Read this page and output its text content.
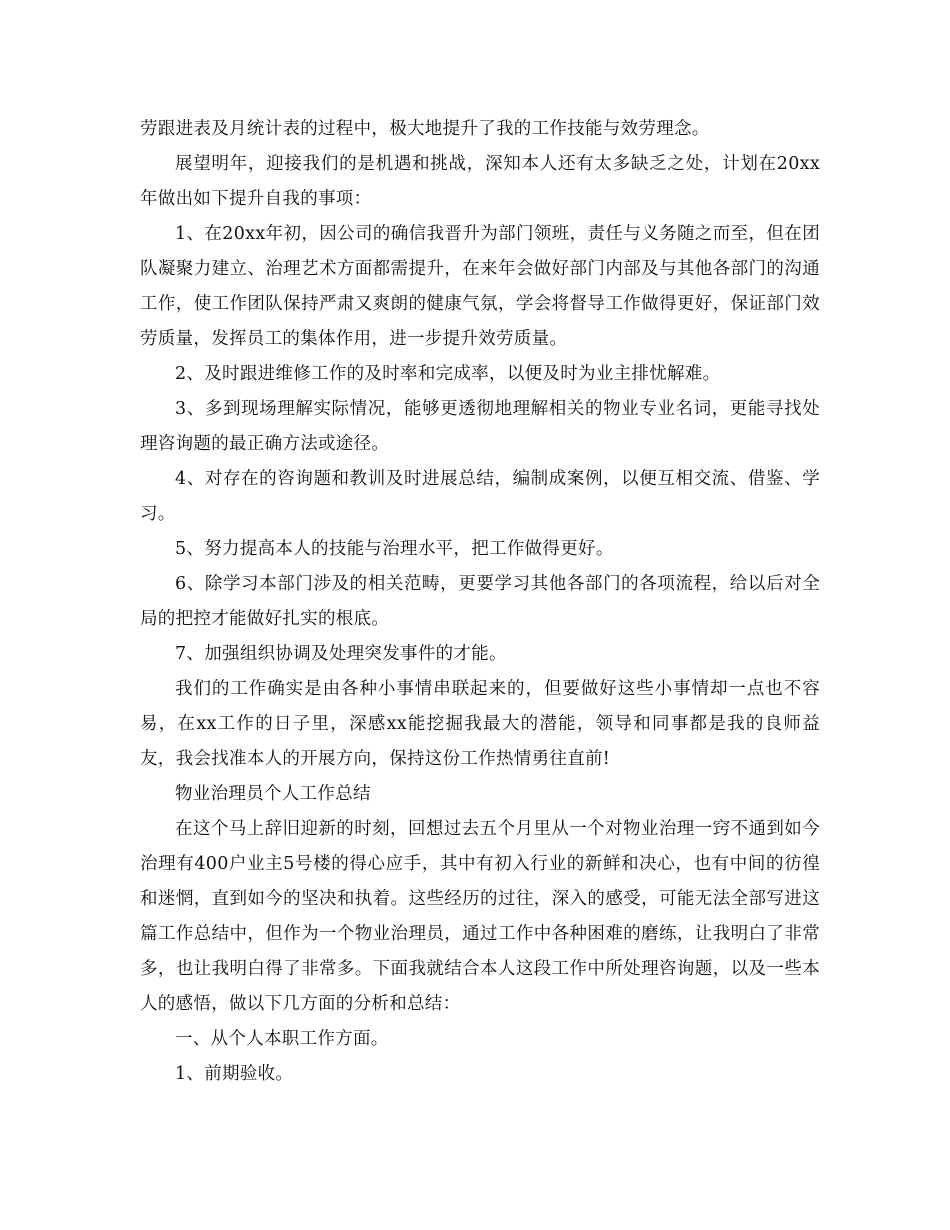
劳跟进表及月统计表的过程中，极大地提升了我的工作技能与效劳理念。

展望明年，迎接我们的是机遇和挑战，深知本人还有太多缺乏之处，计划在20xx年做出如下提升自我的事项：

1、在20xx年初，因公司的确信我晋升为部门领班，责任与义务随之而至，但在团队凝聚力建立、治理艺术方面都需提升，在来年会做好部门内部及与其他各部门的沟通工作，使工作团队保持严肃又爽朗的健康气氛，学会将督导工作做得更好，保证部门效劳质量，发挥员工的集体作用，进一步提升效劳质量。

2、及时跟进维修工作的及时率和完成率，以便及时为业主排忧解难。

3、多到现场理解实际情况，能够更透彻地理解相关的物业专业名词，更能寻找处理咨询题的最正确方法或途径。

4、对存在的咨询题和教训及时进展总结，编制成案例，以便互相交流、借鉴、学习。

5、努力提高本人的技能与治理水平，把工作做得更好。

6、除学习本部门涉及的相关范畴，更要学习其他各部门的各项流程，给以后对全局的把控才能做好扎实的根底。

7、加强组织协调及处理突发事件的才能。

我们的工作确实是由各种小事情串联起来的，但要做好这些小事情却一点也不容易，在xx工作的日子里，深感xx能挖掘我最大的潜能，领导和同事都是我的良师益友，我会找准本人的开展方向，保持这份工作热情勇往直前!

物业治理员个人工作总结

在这个马上辞旧迎新的时刻，回想过去五个月里从一个对物业治理一窍不通到如今治理有400户业主5号楼的得心应手，其中有初入行业的新鲜和决心，也有中间的彷徨和迷惘，直到如今的坚决和执着。这些经历的过往，深入的感受，可能无法全部写进这篇工作总结中，但作为一个物业治理员，通过工作中各种困难的磨练，让我明白了非常多，也让我明白得了非常多。下面我就结合本人这段工作中所处理咨询题，以及一些本人的感悟，做以下几方面的分析和总结：

一、从个人本职工作方面。

1、前期验收。
